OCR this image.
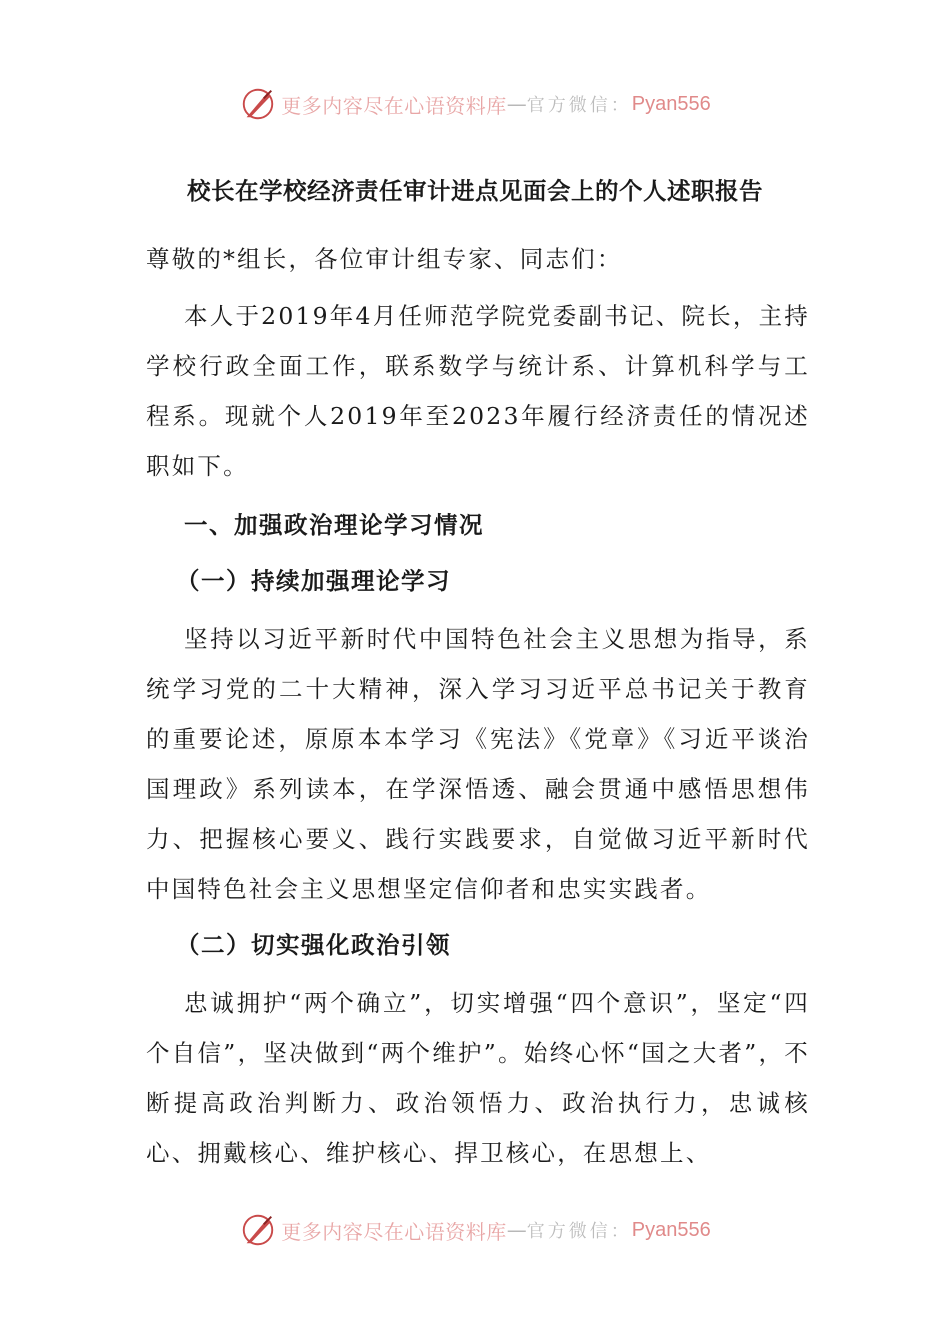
更多内容尽在心语资料库 — 官方微信： Pyan556
校长在学校经济责任审计进点见面会上的个人述职报告

尊敬的*组长，各位审计组专家、同志们：

本人于2019年4月任师范学院党委副书记、院长，主持学校行政全面工作，联系数学与统计系、计算机科学与工程系。现就个人2019年至2023年履行经济责任的情况述职如下。

一、加强政治理论学习情况

（一）持续加强理论学习

坚持以习近平新时代中国特色社会主义思想为指导，系统学习党的二十大精神，深入学习习近平总书记关于教育的重要论述，原原本本学习《宪法》《党章》《习近平谈治国理政》系列读本，在学深悟透、融会贯通中感悟思想伟力、把握核心要义、践行实践要求，自觉做习近平新时代中国特色社会主义思想坚定信仰者和忠实实践者。

（二）切实强化政治引领

忠诚拥护“两个确立”，切实增强“四个意识”，坚定“四个自信”，坚决做到“两个维护”。始终心怀“国之大者”，不断提高政治判断力、政治领悟力、政治执行力，忠诚核心、拥戴核心、维护核心、捍卫核心，在思想上、

更多内容尽在心语资料库 — 官方微信： Pyan556
